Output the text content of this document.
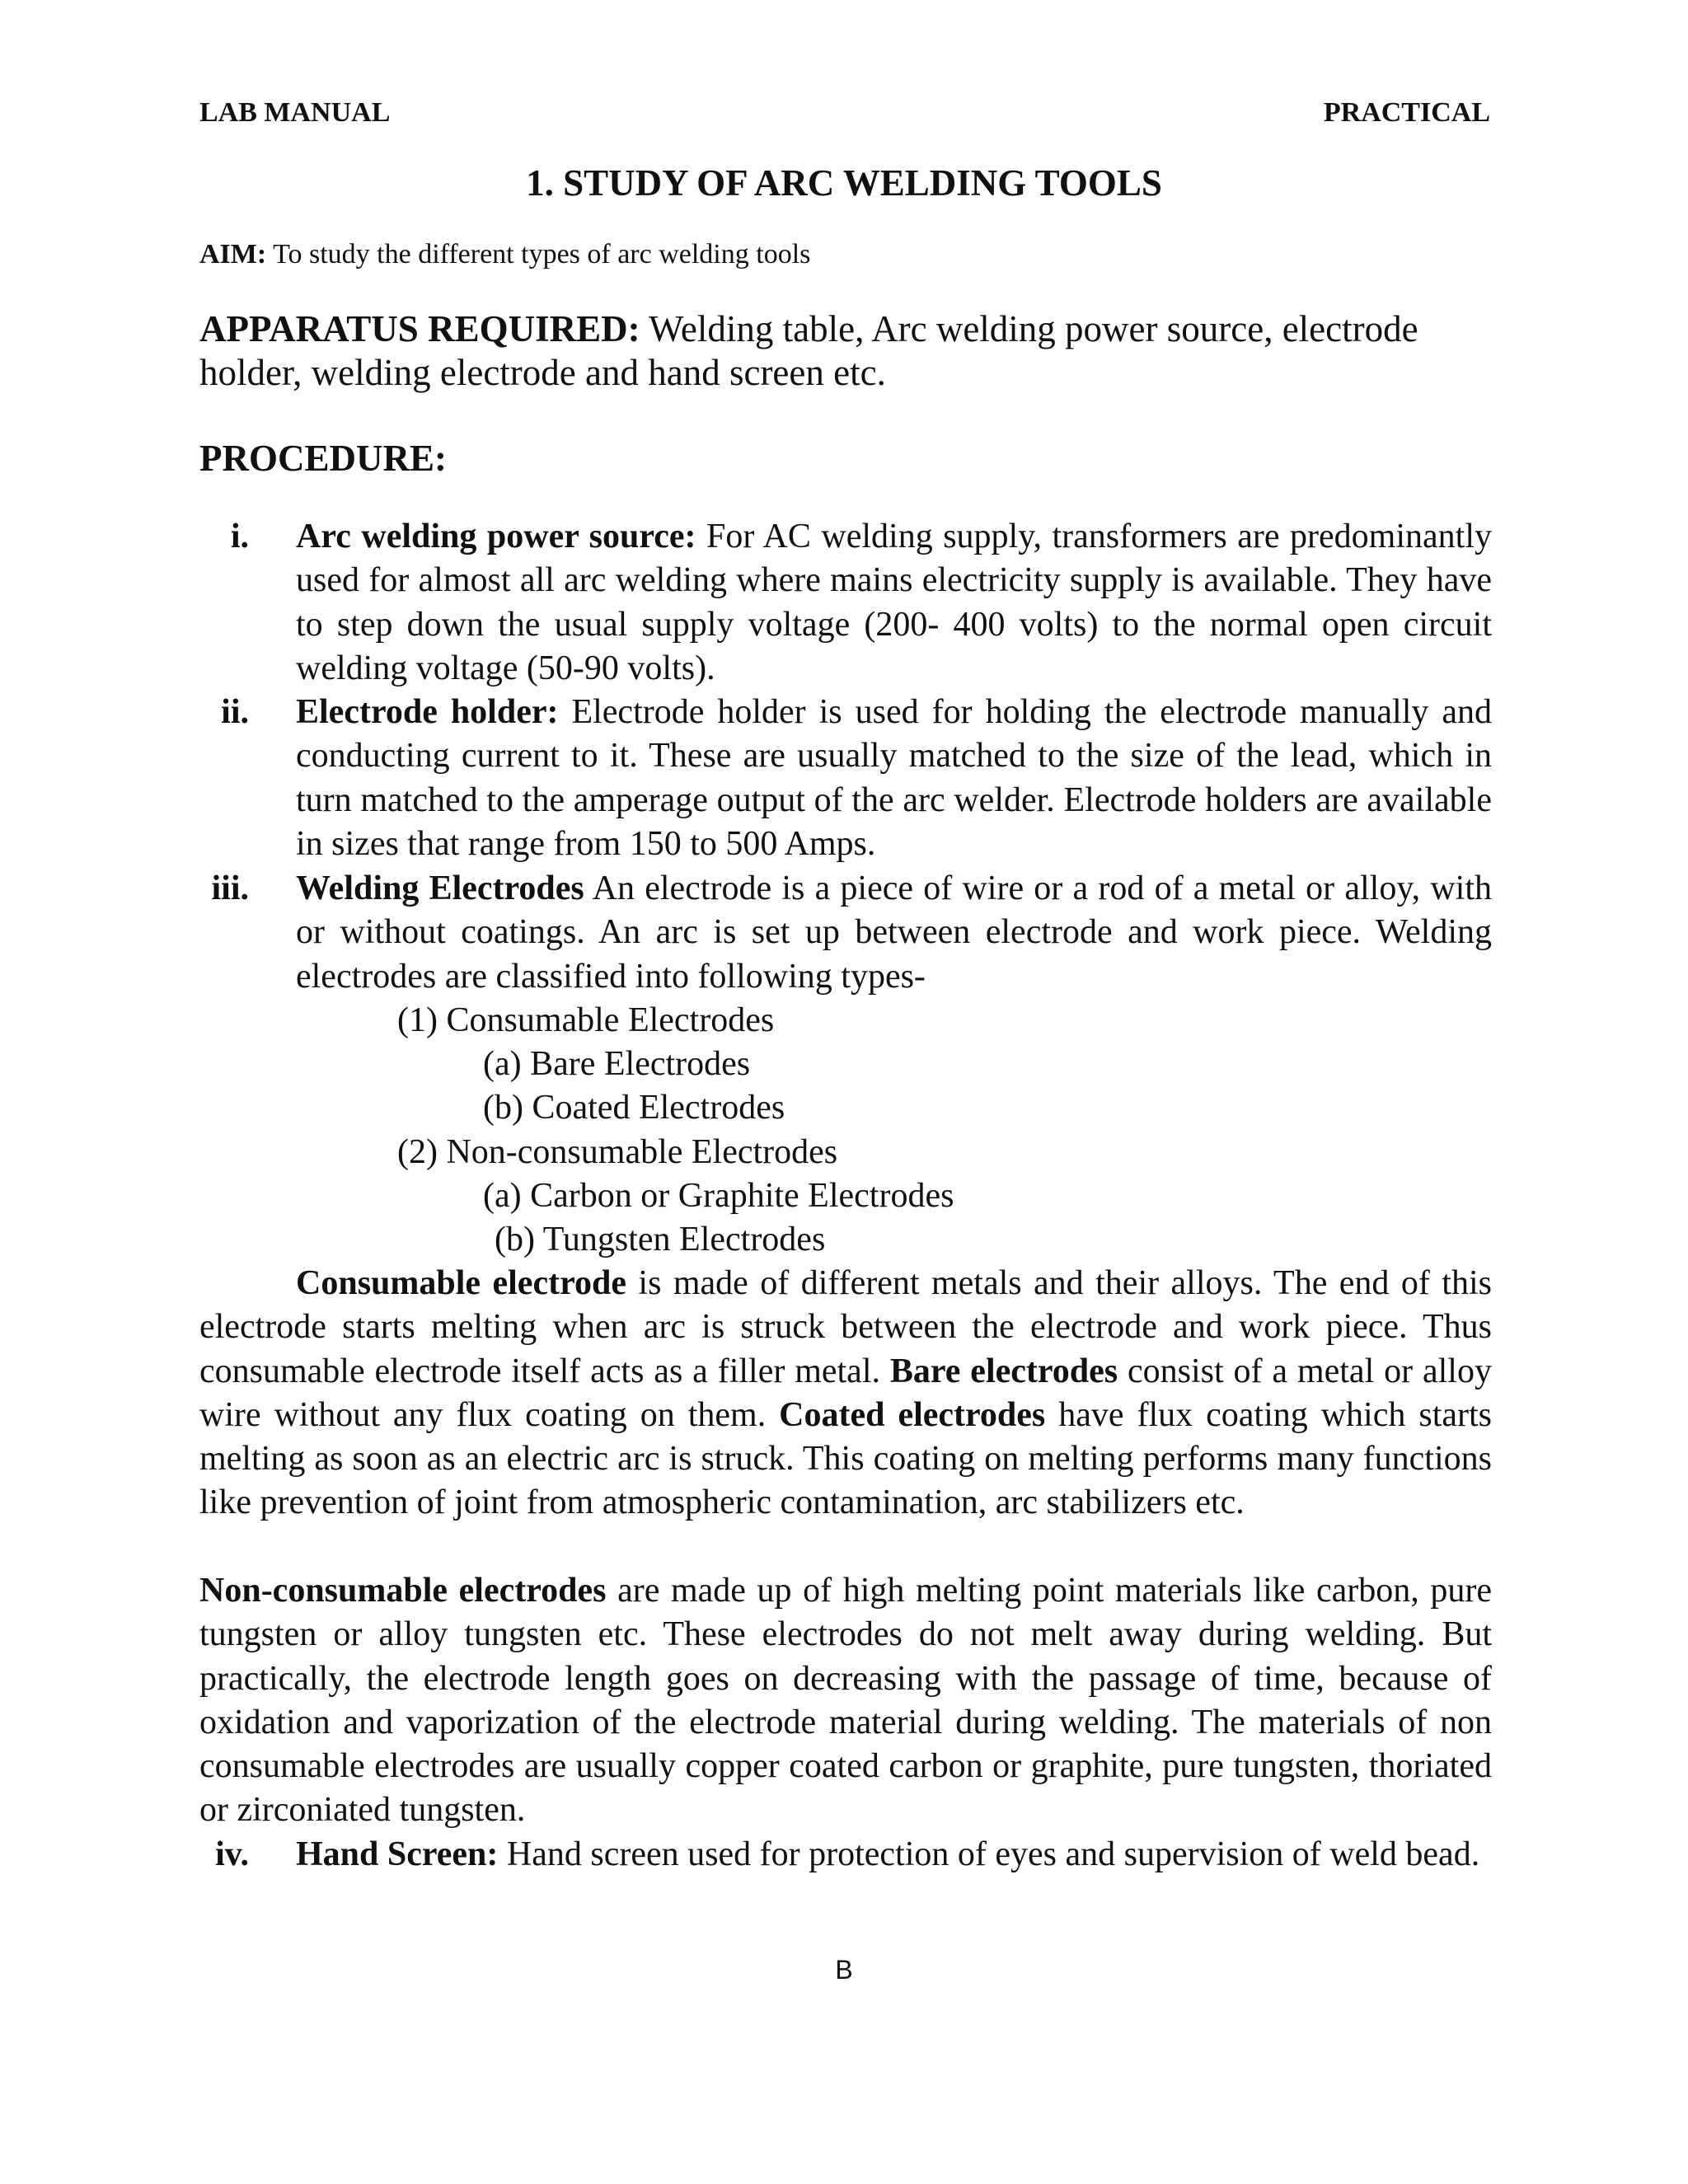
LAB MANUAL	PRACTICAL
1. STUDY OF ARC WELDING TOOLS
AIM: To study the different types of arc welding tools
APPARATUS REQUIRED: Welding table, Arc welding power source, electrode holder, welding electrode and hand screen etc.
PROCEDURE:
i. Arc welding power source: For AC welding supply, transformers are predominantly used for almost all arc welding where mains electricity supply is available. They have to step down the usual supply voltage (200- 400 volts) to the normal open circuit welding voltage (50-90 volts).
ii. Electrode holder: Electrode holder is used for holding the electrode manually and conducting current to it. These are usually matched to the size of the lead, which in turn matched to the amperage output of the arc welder. Electrode holders are available in sizes that range from 150 to 500 Amps.
iii. Welding Electrodes An electrode is a piece of wire or a rod of a metal or alloy, with or without coatings. An arc is set up between electrode and work piece. Welding electrodes are classified into following types-
(1) Consumable Electrodes
(a) Bare Electrodes
(b) Coated Electrodes
(2) Non-consumable Electrodes
(a) Carbon or Graphite Electrodes
(b) Tungsten Electrodes
Consumable electrode is made of different metals and their alloys. The end of this electrode starts melting when arc is struck between the electrode and work piece. Thus consumable electrode itself acts as a filler metal. Bare electrodes consist of a metal or alloy wire without any flux coating on them. Coated electrodes have flux coating which starts melting as soon as an electric arc is struck. This coating on melting performs many functions like prevention of joint from atmospheric contamination, arc stabilizers etc.
Non-consumable electrodes are made up of high melting point materials like carbon, pure tungsten or alloy tungsten etc. These electrodes do not melt away during welding. But practically, the electrode length goes on decreasing with the passage of time, because of oxidation and vaporization of the electrode material during welding. The materials of non consumable electrodes are usually copper coated carbon or graphite, pure tungsten, thoriated or zirconiated tungsten.
iv. Hand Screen: Hand screen used for protection of eyes and supervision of weld bead.
B
